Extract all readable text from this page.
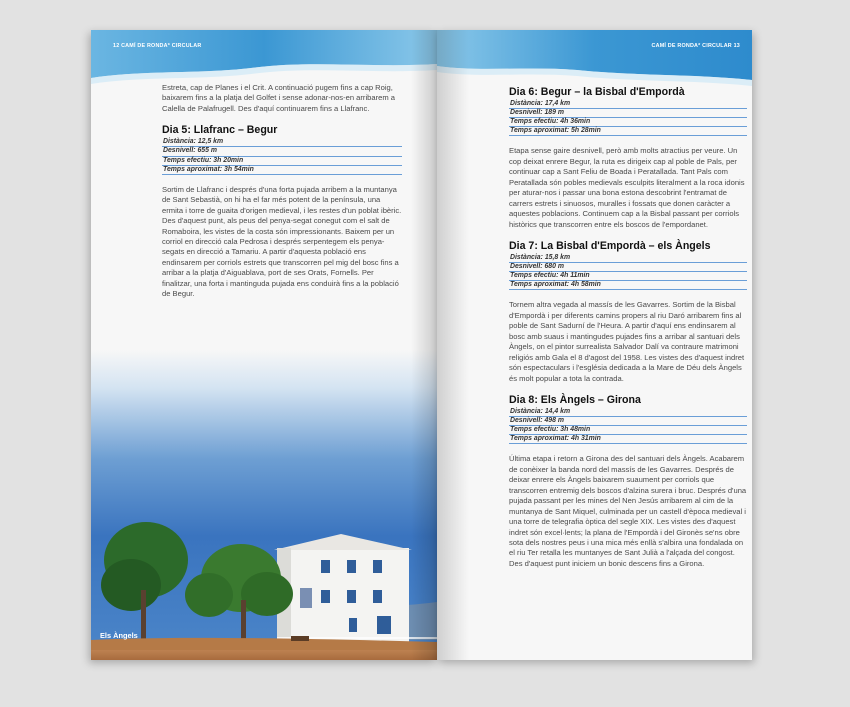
12 CAMÍ DE RONDA* CIRCULAR

Estreta, cap de Planes i el Crit. A continuació pugem fins a cap Roig, baixarem fins a la platja del Golfet i sense adonar-nos-en arribarem a Calella de Palafrugell. Des d'aquí continuarem fins a Llafranc.

Dia 5: Llafranc – Begur
Distància: 12,5 km
Desnivell: 655 m
Temps efectiu: 3h 20min
Temps aproximat: 3h 54min

Sortim de Llafranc i després d'una forta pujada arribem a la muntanya de Sant Sebastià, on hi ha el far més potent de la península, una ermita i torre de guaita d'origen medieval, i les restes d'un poblat ibèric. Des d'aquest punt, als peus del penya-segat conegut com el salt de Romaboira, les vistes de la costa són impressionants. Baixem per un corriol en direcció cala Pedrosa i després serpentegem els penya-segats en direcció a Tamariu. A partir d'aquesta població ens endinsarem per corriols estrets que transcorren pel mig del bosc fins a arribar a la platja d'Aiguablava, port de ses Orats, Fornells. Per finalitzar, una forta i mantinguda pujada ens conduirà fins a la població de Begur.

Els Àngels
CAMÍ DE RONDA* CIRCULAR 13
Dia 6: Begur – la Bisbal d'Empordà
Distància: 17,4 km
Desnivell: 189 m
Temps efectiu: 4h 36min
Temps aproximat: 5h 28min

Etapa sense gaire desnivell, però amb molts atractius per veure. Un cop deixat enrere Begur, la ruta es dirigeix cap al poble de Pals, per continuar cap a Sant Feliu de Boada i Peratallada. Tant Pals com Peratallada són pobles medievals esculpits literalment a la roca idonis per aturar-nos i passar una bona estona descobrint l'entramat de carrers estrets i sinuosos, muralles i fossats que donen caràcter a aquestes poblacions. Continuem cap a la Bisbal passant per corriols històrics que transcorren entre els boscos de l'empordanet.

Dia 7: La Bisbal d'Empordà – els Àngels
Distància: 15,8 km
Desnivell: 680 m
Temps efectiu: 4h 11min
Temps aproximat: 4h 58min

Tornem altra vegada al massís de les Gavarres. Sortim de la Bisbal d'Empordà i per diferents camins propers al riu Daró arribarem fins al poble de Sant Sadurní de l'Heura. A partir d'aquí ens endinsarem al bosc amb suaus i mantingudes pujades fins a arribar al santuari dels Àngels, on el pintor surrealista Salvador Dalí va contraure matrimoni religiós amb Gala el 8 d'agost del 1958. Les vistes des d'aquest indret són espectaculars i l'església dedicada a la Mare de Déu dels Àngels és molt popular a tota la contrada.

Dia 8: Els Àngels – Girona
Distància: 14,4 km
Desnivell: 498 m
Temps efectiu: 3h 48min
Temps aproximat: 4h 31min

Última etapa i retorn a Girona des del santuari dels Àngels. Acabarem de conèixer la banda nord del massís de les Gavarres. Després de deixar enrere els Àngels baixarem suaument per corriols que transcorren entremig dels boscos d'alzina surera i bruc. Després d'una pujada passant per les mines del Nen Jesús arribarem al cim de la muntanya de Sant Miquel, culminada per un castell d'època medieval i una torre de telegrafia òptica del segle XIX. Les vistes des d'aquest indret són excel·lents; la plana de l'Empordà i del Gironès se'ns obre sota dels nostres peus i una mica més enllà s'albira una fondalada on el riu Ter retalla les muntanyes de Sant Julià a l'alçada del congost. Des d'aquest punt iniciem un bonic descens fins a Girona.
